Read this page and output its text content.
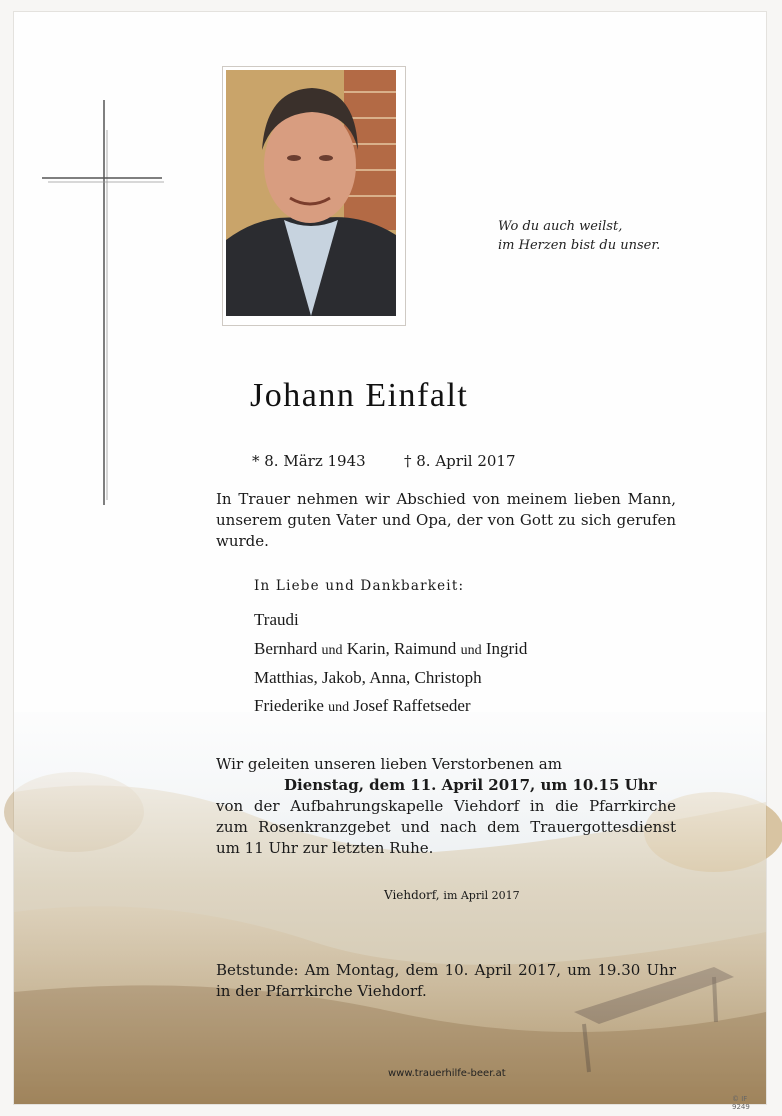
Wo du auch weilst,
im Herzen bist du unser.
Johann Einfalt
* 8. März 1943	† 8. April 2017
In Trauer nehmen wir Abschied von meinem lieben Mann, unserem guten Vater und Opa, der von Gott zu sich gerufen wurde.
In Liebe und Dankbarkeit:
Traudi
Bernhard und Karin, Raimund und Ingrid
Matthias, Jakob, Anna, Christoph
Friederike und Josef Raffetseder
Wir geleiten unseren lieben Verstorbenen am
Dienstag, dem 11. April 2017, um 10.15 Uhr
von der Aufbahrungskapelle Viehdorf in die Pfarrkirche zum Rosenkranzgebet und nach dem Trauergottesdienst um 11 Uhr zur letzten Ruhe.
Viehdorf, im April 2017
Betstunde: Am Montag, dem 10. April 2017, um 19.30 Uhr in der Pfarrkirche Viehdorf.
www.trauerhilfe-beer.at
© IF 9249
